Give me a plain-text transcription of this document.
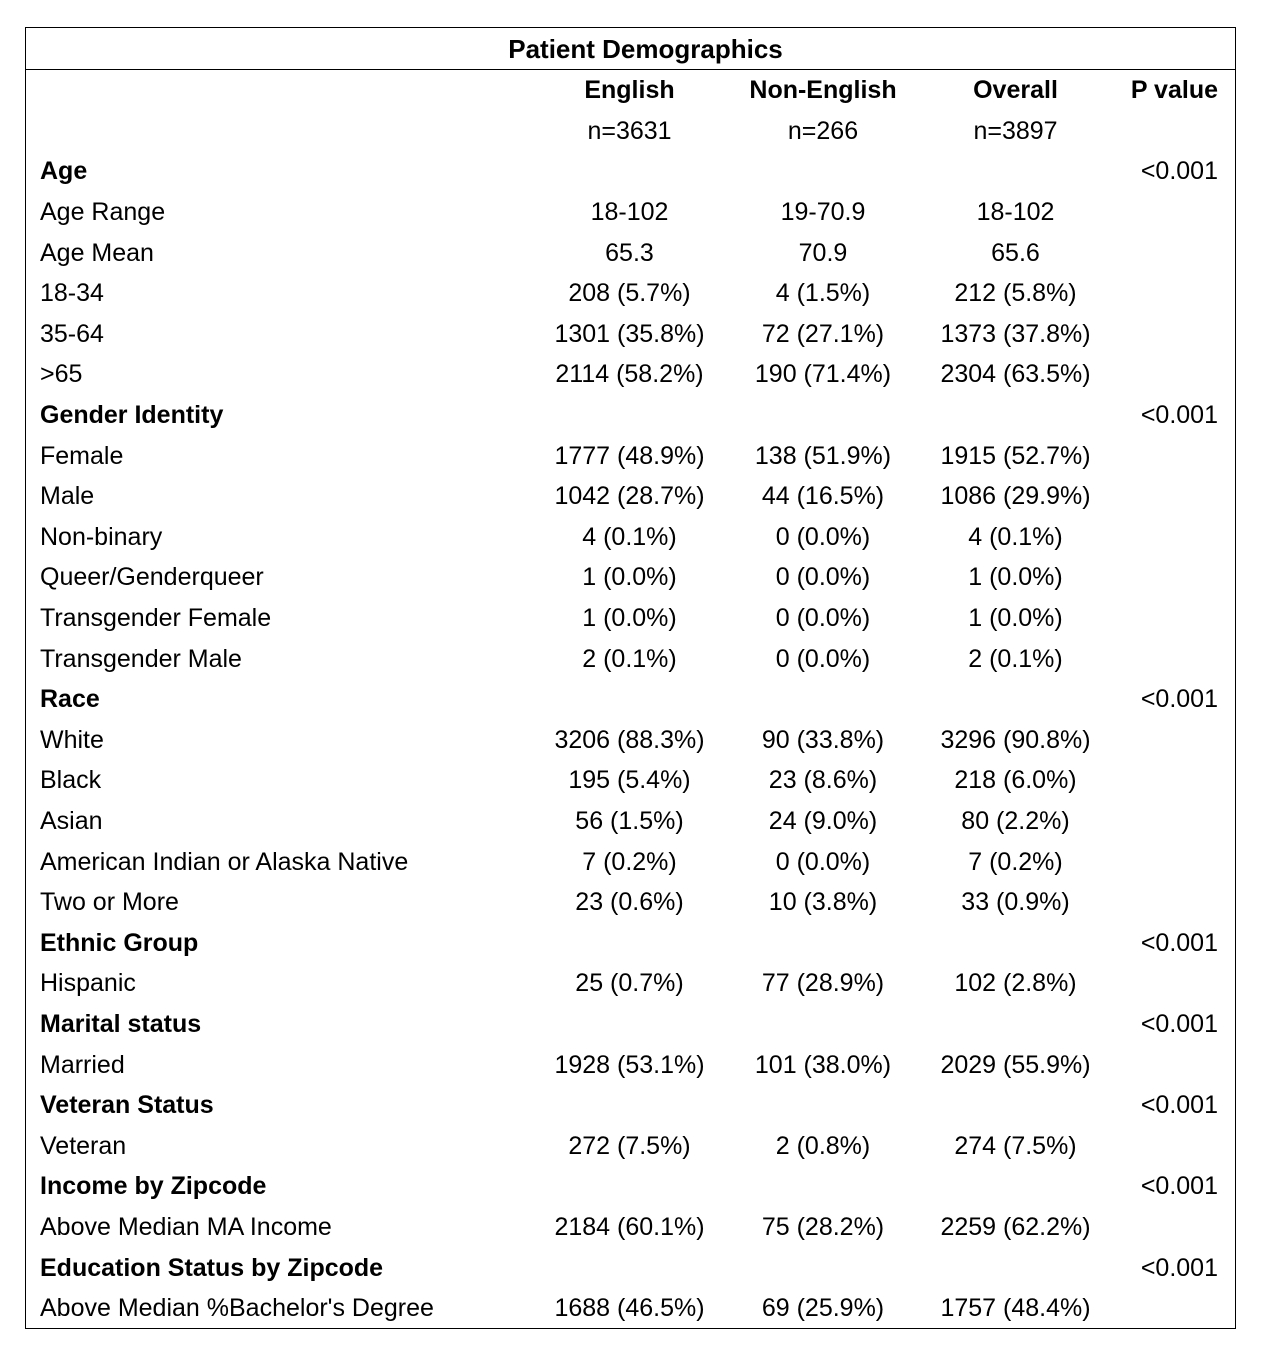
Patient Demographics
	English	Non-English	Overall	P value
	n=3631	n=266	n=3897	
Age				<0.001
Age Range	18-102	19-70.9	18-102	
Age Mean	65.3	70.9	65.6	
18-34	208 (5.7%)	4 (1.5%)	212 (5.8%)	
35-64	1301 (35.8%)	72 (27.1%)	1373 (37.8%)	
>65	2114 (58.2%)	190 (71.4%)	2304 (63.5%)	
Gender Identity				<0.001
Female	1777 (48.9%)	138 (51.9%)	1915 (52.7%)	
Male	1042 (28.7%)	44 (16.5%)	1086 (29.9%)	
Non-binary	4 (0.1%)	0 (0.0%)	4 (0.1%)	
Queer/Genderqueer	1 (0.0%)	0 (0.0%)	1 (0.0%)	
Transgender Female	1 (0.0%)	0 (0.0%)	1 (0.0%)	
Transgender Male	2 (0.1%)	0 (0.0%)	2 (0.1%)	
Race				<0.001
White	3206 (88.3%)	90 (33.8%)	3296 (90.8%)	
Black	195 (5.4%)	23 (8.6%)	218 (6.0%)	
Asian	56 (1.5%)	24 (9.0%)	80 (2.2%)	
American Indian or Alaska Native	7 (0.2%)	0 (0.0%)	7 (0.2%)	
Two or More	23 (0.6%)	10 (3.8%)	33 (0.9%)	
Ethnic Group				<0.001
Hispanic	25 (0.7%)	77 (28.9%)	102 (2.8%)	
Marital status				<0.001
Married	1928 (53.1%)	101 (38.0%)	2029 (55.9%)	
Veteran Status				<0.001
Veteran	272 (7.5%)	2 (0.8%)	274 (7.5%)	
Income by Zipcode				<0.001
Above Median MA Income	2184 (60.1%)	75 (28.2%)	2259 (62.2%)	
Education Status by Zipcode				<0.001
Above Median %Bachelor's Degree	1688 (46.5%)	69 (25.9%)	1757 (48.4%)	
